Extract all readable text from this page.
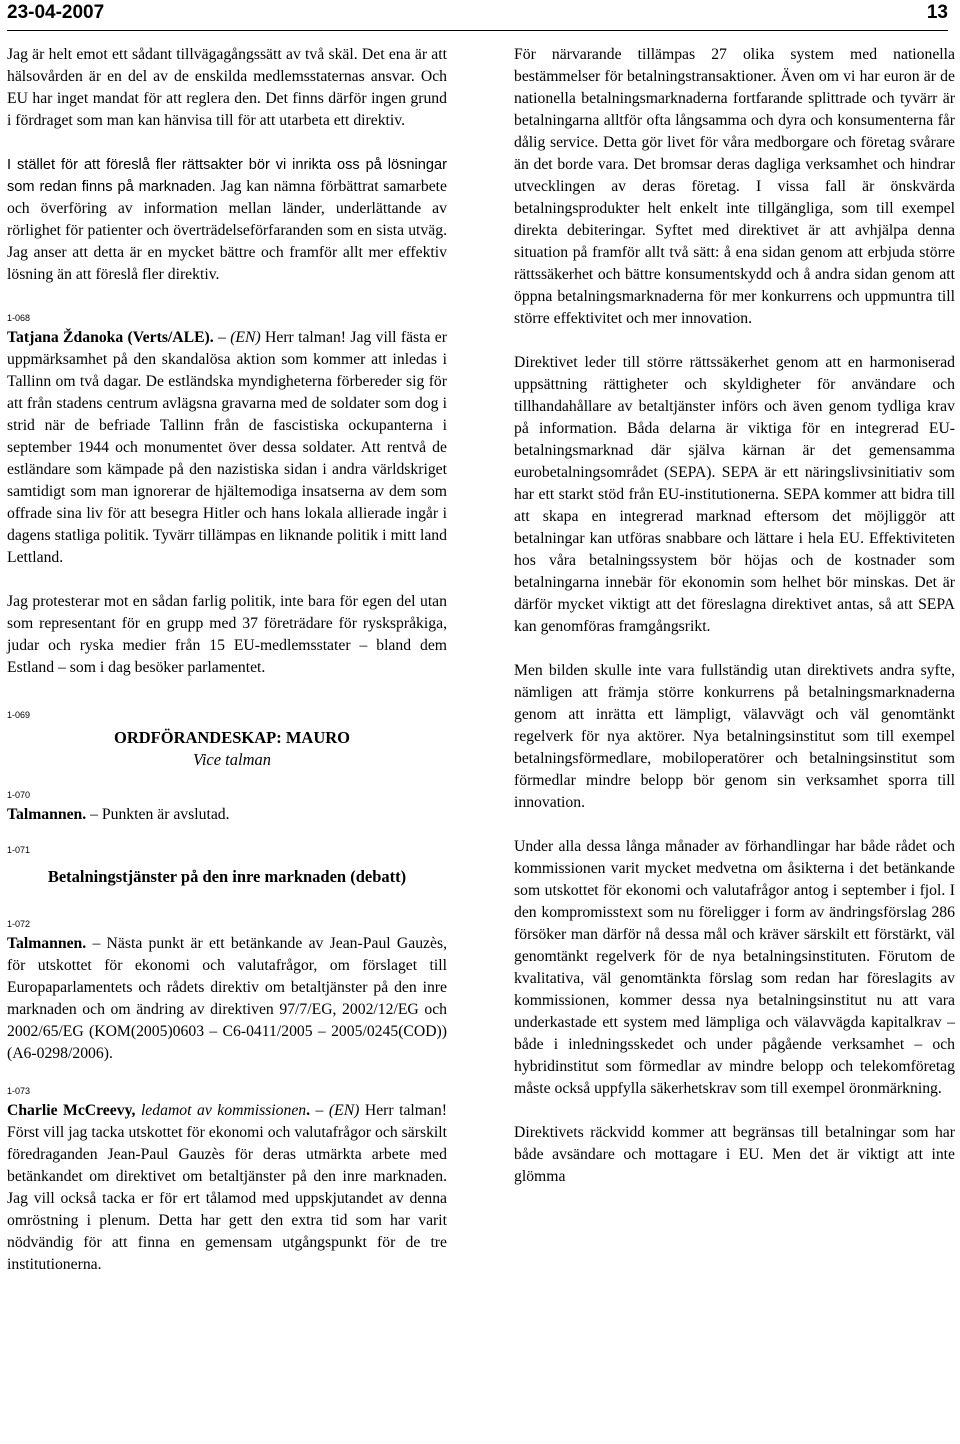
23-04-2007	13

Jag är helt emot ett sådant tillvägagångssätt av två skäl. Det ena är att hälsovården är en del av de enskilda medlemsstaternas ansvar. Och EU har inget mandat för att reglera den. Det finns därför ingen grund i fördraget som man kan hänvisa till för att utarbeta ett direktiv.

I stället för att föreslå fler rättsakter bör vi inrikta oss på lösningar som redan finns på marknaden. Jag kan nämna förbättrat samarbete och överföring av information mellan länder, underlättande av rörlighet för patienter och överträdelseförfaranden som en sista utväg. Jag anser att detta är en mycket bättre och framför allt mer effektiv lösning än att föreslå fler direktiv.

1-068

Tatjana Ždanoka (Verts/ALE). – (EN) Herr talman! Jag vill fästa er uppmärksamhet på den skandalösa aktion som kommer att inledas i Tallinn om två dagar. De estländska myndigheterna förbereder sig för att från stadens centrum avlägsna gravarna med de soldater som dog i strid när de befriade Tallinn från de fascistiska ockupanterna i september 1944 och monumentet över dessa soldater. Att rentvå de estländare som kämpade på den nazistiska sidan i andra världskriget samtidigt som man ignorerar de hjältemodiga insatserna av dem som offrade sina liv för att besegra Hitler och hans lokala allierade ingår i dagens statliga politik. Tyvärr tillämpas en liknande politik i mitt land Lettland.

Jag protesterar mot en sådan farlig politik, inte bara för egen del utan som representant för en grupp med 37 företrädare för ryskspråkiga, judar och ryska medier från 15 EU-medlemsstater – bland dem Estland – som i dag besöker parlamentet.

1-069

ORDFÖRANDESKAP: MAURO

Vice talman

1-070

Talmannen. – Punkten är avslutad.

1-071

Betalningstjänster på den inre marknaden (debatt)

1-072

Talmannen. – Nästa punkt är ett betänkande av Jean-Paul Gauzès, för utskottet för ekonomi och valutafrågor, om förslaget till Europaparlamentets och rådets direktiv om betaltjänster på den inre marknaden och om ändring av direktiven 97/7/EG, 2002/12/EG och 2002/65/EG (KOM(2005)0603 – C6-0411/2005 – 2005/0245(COD)) (A6-0298/2006).

1-073

Charlie McCreevy, ledamot av kommissionen. – (EN) Herr talman! Först vill jag tacka utskottet för ekonomi och valutafrågor och särskilt föredraganden Jean-Paul Gauzès för deras utmärkta arbete med betänkandet om direktivet om betaltjänster på den inre marknaden. Jag vill också tacka er för ert tålamod med uppskjutandet av denna omröstning i plenum. Detta har gett den extra tid som har varit nödvändig för att finna en gemensam utgångspunkt för de tre institutionerna.

För närvarande tillämpas 27 olika system med nationella bestämmelser för betalningstransaktioner. Även om vi har euron är de nationella betalningsmarknaderna fortfarande splittrade och tyvärr är betalningarna alltför ofta långsamma och dyra och konsumenterna får dålig service. Detta gör livet för våra medborgare och företag svårare än det borde vara. Det bromsar deras dagliga verksamhet och hindrar utvecklingen av deras företag. I vissa fall är önskvärda betalningsprodukter helt enkelt inte tillgängliga, som till exempel direkta debiteringar. Syftet med direktivet är att avhjälpa denna situation på framför allt två sätt: å ena sidan genom att erbjuda större rättssäkerhet och bättre konsumentskydd och å andra sidan genom att öppna betalningsmarknaderna för mer konkurrens och uppmuntra till större effektivitet och mer innovation.

Direktivet leder till större rättssäkerhet genom att en harmoniserad uppsättning rättigheter och skyldigheter för användare och tillhandahållare av betaltjänster införs och även genom tydliga krav på information. Båda delarna är viktiga för en integrerad EU-betalningsmarknad där själva kärnan är det gemensamma eurobetalningsområdet (SEPA). SEPA är ett näringslivsinitiativ som har ett starkt stöd från EU-institutionerna. SEPA kommer att bidra till att skapa en integrerad marknad eftersom det möjliggör att betalningar kan utföras snabbare och lättare i hela EU. Effektiviteten hos våra betalningssystem bör höjas och de kostnader som betalningarna innebär för ekonomin som helhet bör minskas. Det är därför mycket viktigt att det föreslagna direktivet antas, så att SEPA kan genomföras framgångsrikt.

Men bilden skulle inte vara fullständig utan direktivets andra syfte, nämligen att främja större konkurrens på betalningsmarknaderna genom att inrätta ett lämpligt, välavvägt och väl genomtänkt regelverk för nya aktörer. Nya betalningsinstitut som till exempel betalningsförmedlare, mobiloperatörer och betalningsinstitut som förmedlar mindre belopp bör genom sin verksamhet sporra till innovation.

Under alla dessa långa månader av förhandlingar har både rådet och kommissionen varit mycket medvetna om åsikterna i det betänkande som utskottet för ekonomi och valutafrågor antog i september i fjol. I den kompromisstext som nu föreligger i form av ändringsförslag 286 försöker man därför nå dessa mål och kräver särskilt ett förstärkt, väl genomtänkt regelverk för de nya betalningsinstituten. Förutom de kvalitativa, väl genomtänkta förslag som redan har föreslagits av kommissionen, kommer dessa nya betalningsinstitut nu att vara underkastade ett system med lämpliga och välavvägda kapitalkrav – både i inledningsskedet och under pågående verksamhet – och hybridinstitut som förmedlar av mindre belopp och telekomföretag måste också uppfylla säkerhetskrav som till exempel öronmärkning.

Direktivets räckvidd kommer att begränsas till betalningar som har både avsändare och mottagare i EU. Men det är viktigt att inte glömma
